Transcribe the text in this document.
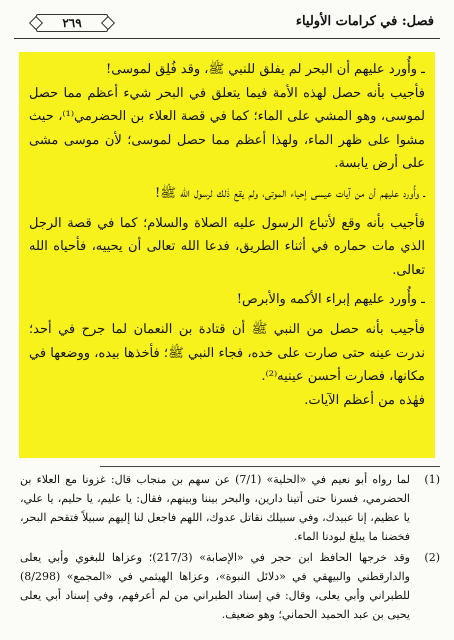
فصل: في كرامات الأولياء
٢٦٩

ـ وأُورد عليهم أن البحر لم يفلق للنبي ﷺ، وقد فُلِق لموسى!

فأجيب بأنه حصل لهذه الأمة فيما يتعلق في البحر شيء أعظم مما حصل لموسى، وهو المشي على الماء؛ كما في قصة العلاء بن الحضرمي⁽¹⁾، حيث مشوا على ظهر الماء، ولهذا أعظم مما حصل لموسى؛ لأن موسى مشى على أرض يابسة.

ـ وأُورد عليهم أن من آيات عيسى إحياء الموتى، ولم يقع ذٰلك لرسول الله ﷺ!

فأجيب بأنه وقع لأتباع الرسول عليه الصلاة والسلام؛ كما في قصة الرجل الذي مات حماره في أثناء الطريق، فدعا الله تعالى أن يحييه، فأحياه الله تعالى.

ـ وأُورد عليهم إبراء الأكمه والأبرص!

فأجيب بأنه حصل من النبي ﷺ أن قتادة بن النعمان لما جرح في أحد؛ ندرت عينه حتى صارت على خده، فجاء النبي ﷺ؛ فأخذها بيده، ووضعها في مكانها، فصارت أحسن عينيه⁽²⁾.

فهٰذه من أعظم الآيات.

(1)
لما رواه أبو نعيم في «الحلية» (7/1) عن سهم بن منجاب قال: غزونا مع العلاء بن الحضرمي، فسرنا حتى أتينا دارين، والبحر بيننا وبينهم، فقال: يا عليم، يا حليم، يا علي، يا عظيم، إنا عبيدك، وفي سبيلك نقاتل عدوك، اللهم فاجعل لنا إليهم سبيلاً فتقحم البحر، فخضنا ما يبلغ لبودنا الماء.
(2)
وقد خرجها الحافظ ابن حجر في «الإصابة» (217/3)؛ وعزاها للبغوي وأبي يعلى والدارقطني والبيهقي في «دلائل النبوة»، وعزاها الهيثمي في «المجمع» (8/298) للطبراني وأبي يعلى، وقال: في إسناد الطبراني من لم أعرفهم، وفي إسناد أبي يعلى يحيى بن عبد الحميد الحماني؛ وهو ضعيف.
